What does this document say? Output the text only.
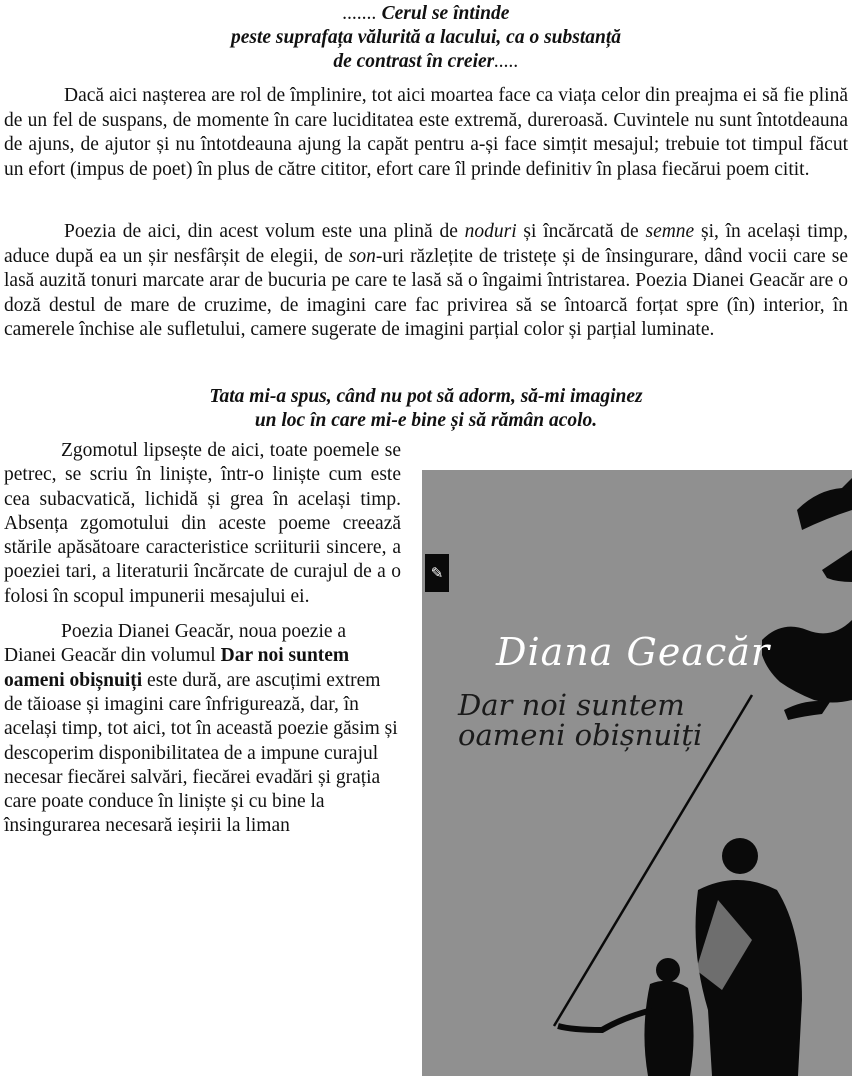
....... Cerul se întinde
peste suprafața vălurită a lacului, ca o substanță
de contrast în creier.....

Dacă aici nașterea are rol de împlinire, tot aici moartea face ca viața celor din preajma ei să fie plină de un fel de suspans, de momente în care luciditatea este extremă, dureroasă. Cuvintele nu sunt întotdeauna de ajuns, de ajutor și nu întotdeauna ajung la capăt pentru a-și face simțit mesajul; trebuie tot timpul făcut un efort (impus de poet) în plus de către cititor, efort care îl prinde definitiv în plasa fiecărui poem citit.

Poezia de aici, din acest volum este una plină de noduri și încărcată de semne și, în același timp, aduce după ea un șir nesfârșit de elegii, de son-uri răzlețite de tristețe și de însingurare, dând vocii care se lasă auzită tonuri marcate arar de bucuria pe care te lasă să o îngaimi întristarea. Poezia Dianei Geacăr are o doză destul de mare de cruzime, de imagini care fac privirea să se întoarcă forțat spre (în) interior, în camerele închise ale sufletului, camere sugerate de imagini parțial color și parțial luminate.

Tata mi-a spus, când nu pot să adorm, să-mi imaginez
un loc în care mi-e bine și să rămân acolo.

Zgomotul lipsește de aici, toate poemele se petrec, se scriu în liniște, într-o liniște cum este cea subacvatică, lichidă și grea în același timp. Absența zgomotului din aceste poeme creează stările apăsătoare caracteristice scriiturii sincere, a poeziei tari, a literaturii încărcate de curajul de a o folosi în scopul impunerii mesajului ei.

Poezia Dianei Geacăr, noua poezie a Dianei Geacăr din volumul Dar noi suntem oameni obișnuiți este dură, are ascuțimi extrem de tăioase și imagini care înfrigurează, dar, în același timp, tot aici, tot în această poezie găsim și descoperim disponibilitatea de a impune curajul necesar fiecărei salvări, fiecărei evadări și grația care poate conduce în liniște și cu bine la însingurarea necesară ieșirii la liman

✎

Diana Geacăr

Dar noi suntem
oameni obișnuiți
